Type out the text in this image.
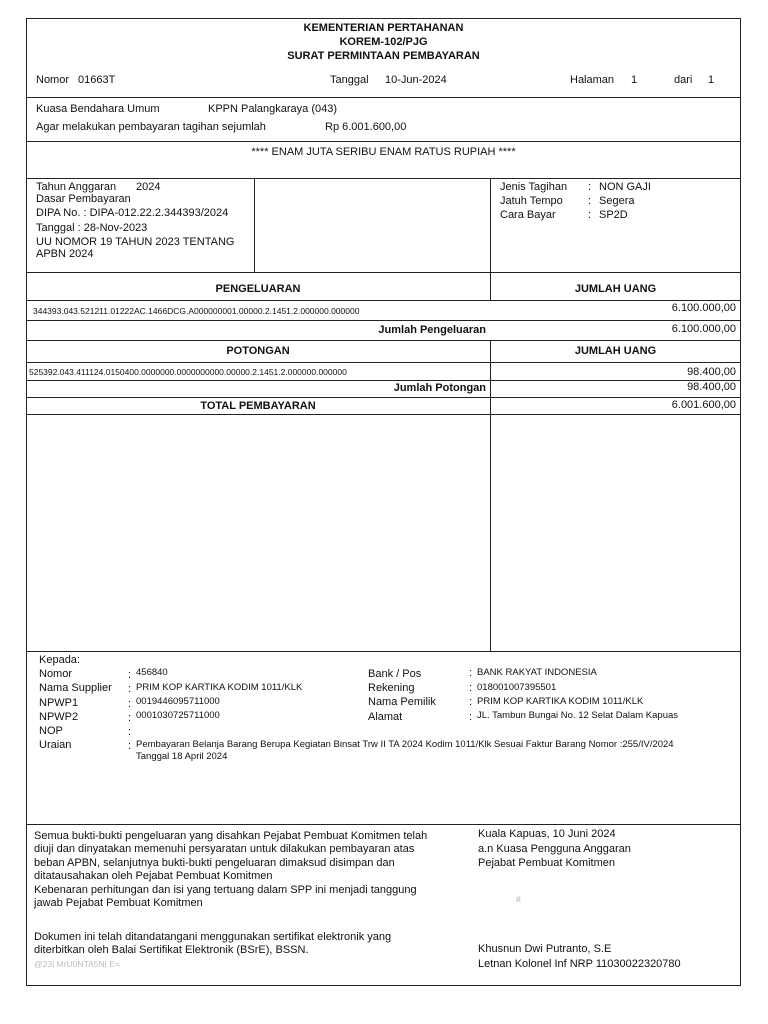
KEMENTERIAN PERTAHANAN
KOREM-102/PJG
SURAT PERMINTAAN PEMBAYARAN
Nomor 01663T	Tanggal 10-Jun-2024	Halaman 1	dari 1
Kuasa Bendahara Umum	KPPN Palangkaraya (043)
Agar melakukan pembayaran tagihan sejumlah	Rp 6.001.600,00
**** ENAM JUTA SERIBU ENAM RATUS RUPIAH ****
Tahun Anggaran 2024
Dasar Pembayaran
DIPA No. : DIPA-012.22.2.344393/2024
Tanggal : 28-Nov-2023
UU NOMOR 19 TAHUN 2023 TENTANG
APBN 2024
Jenis Tagihan : NON GAJI
Jatuh Tempo : Segera
Cara Bayar	: SP2D
PENGELUARAN	JUMLAH UANG
344393.043.521211.01222AC.1466DCG.A000000001.00000.2.1451.2.000000.000000	6.100.000,00
Jumlah Pengeluaran	6.100.000,00
POTONGAN	JUMLAH UANG
525392.043.411124.0150400.0000000.0000000000.00000.2.1451.2.000000.000000	98.400,00
Jumlah Potongan	98.400,00
TOTAL PEMBAYARAN	6.001.600,00
Kepada:
Nomor	: 456840
Nama Supplier : PRIM KOP KARTIKA KODIM 1011/KLK
NPWP1	: 0019446095711000
NPWP2	: 0001030725711000
NOP	:
Uraian	: Pembayaran Belanja Barang Berupa Kegiatan Binsat Trw II TA 2024 Kodim 1011/Klk Sesuai Faktur Barang Nomor :255/IV/2024
Tanggal 18 April 2024
Bank / Pos	: BANK RAKYAT INDONESIA
Rekening	: 018001007395501
Nama Pemilik	: PRIM KOP KARTIKA KODIM 1011/KLK
Alamat	: JL. Tambun Bungai No. 12 Selat Dalam Kapuas
Semua bukti-bukti pengeluaran yang disahkan Pejabat Pembuat Komitmen telah
diuji dan dinyatakan memenuhi persyaratan untuk dilakukan pembayaran atas
beban APBN, selanjutnya bukti-bukti pengeluaran dimaksud disimpan dan
ditatausahakan oleh Pejabat Pembuat Komitmen
Kebenaran perhitungan dan isi yang tertuang dalam SPP ini menjadi tanggung
jawab Pejabat Pembuat Komitmen
Dokumen ini telah ditandatangani menggunakan sertifikat elektronik yang
diterbitkan oleh Balai Sertifikat Elektronik (BSrE), BSSN.
@23| MrU0NTA5N| E=
Kuala Kapuas, 10 Juni 2024
a.n Kuasa Pengguna Anggaran
Pejabat Pembuat Komitmen
#
Khusnun Dwi Putranto, S.E
Letnan Kolonel Inf NRP 11030022320780
